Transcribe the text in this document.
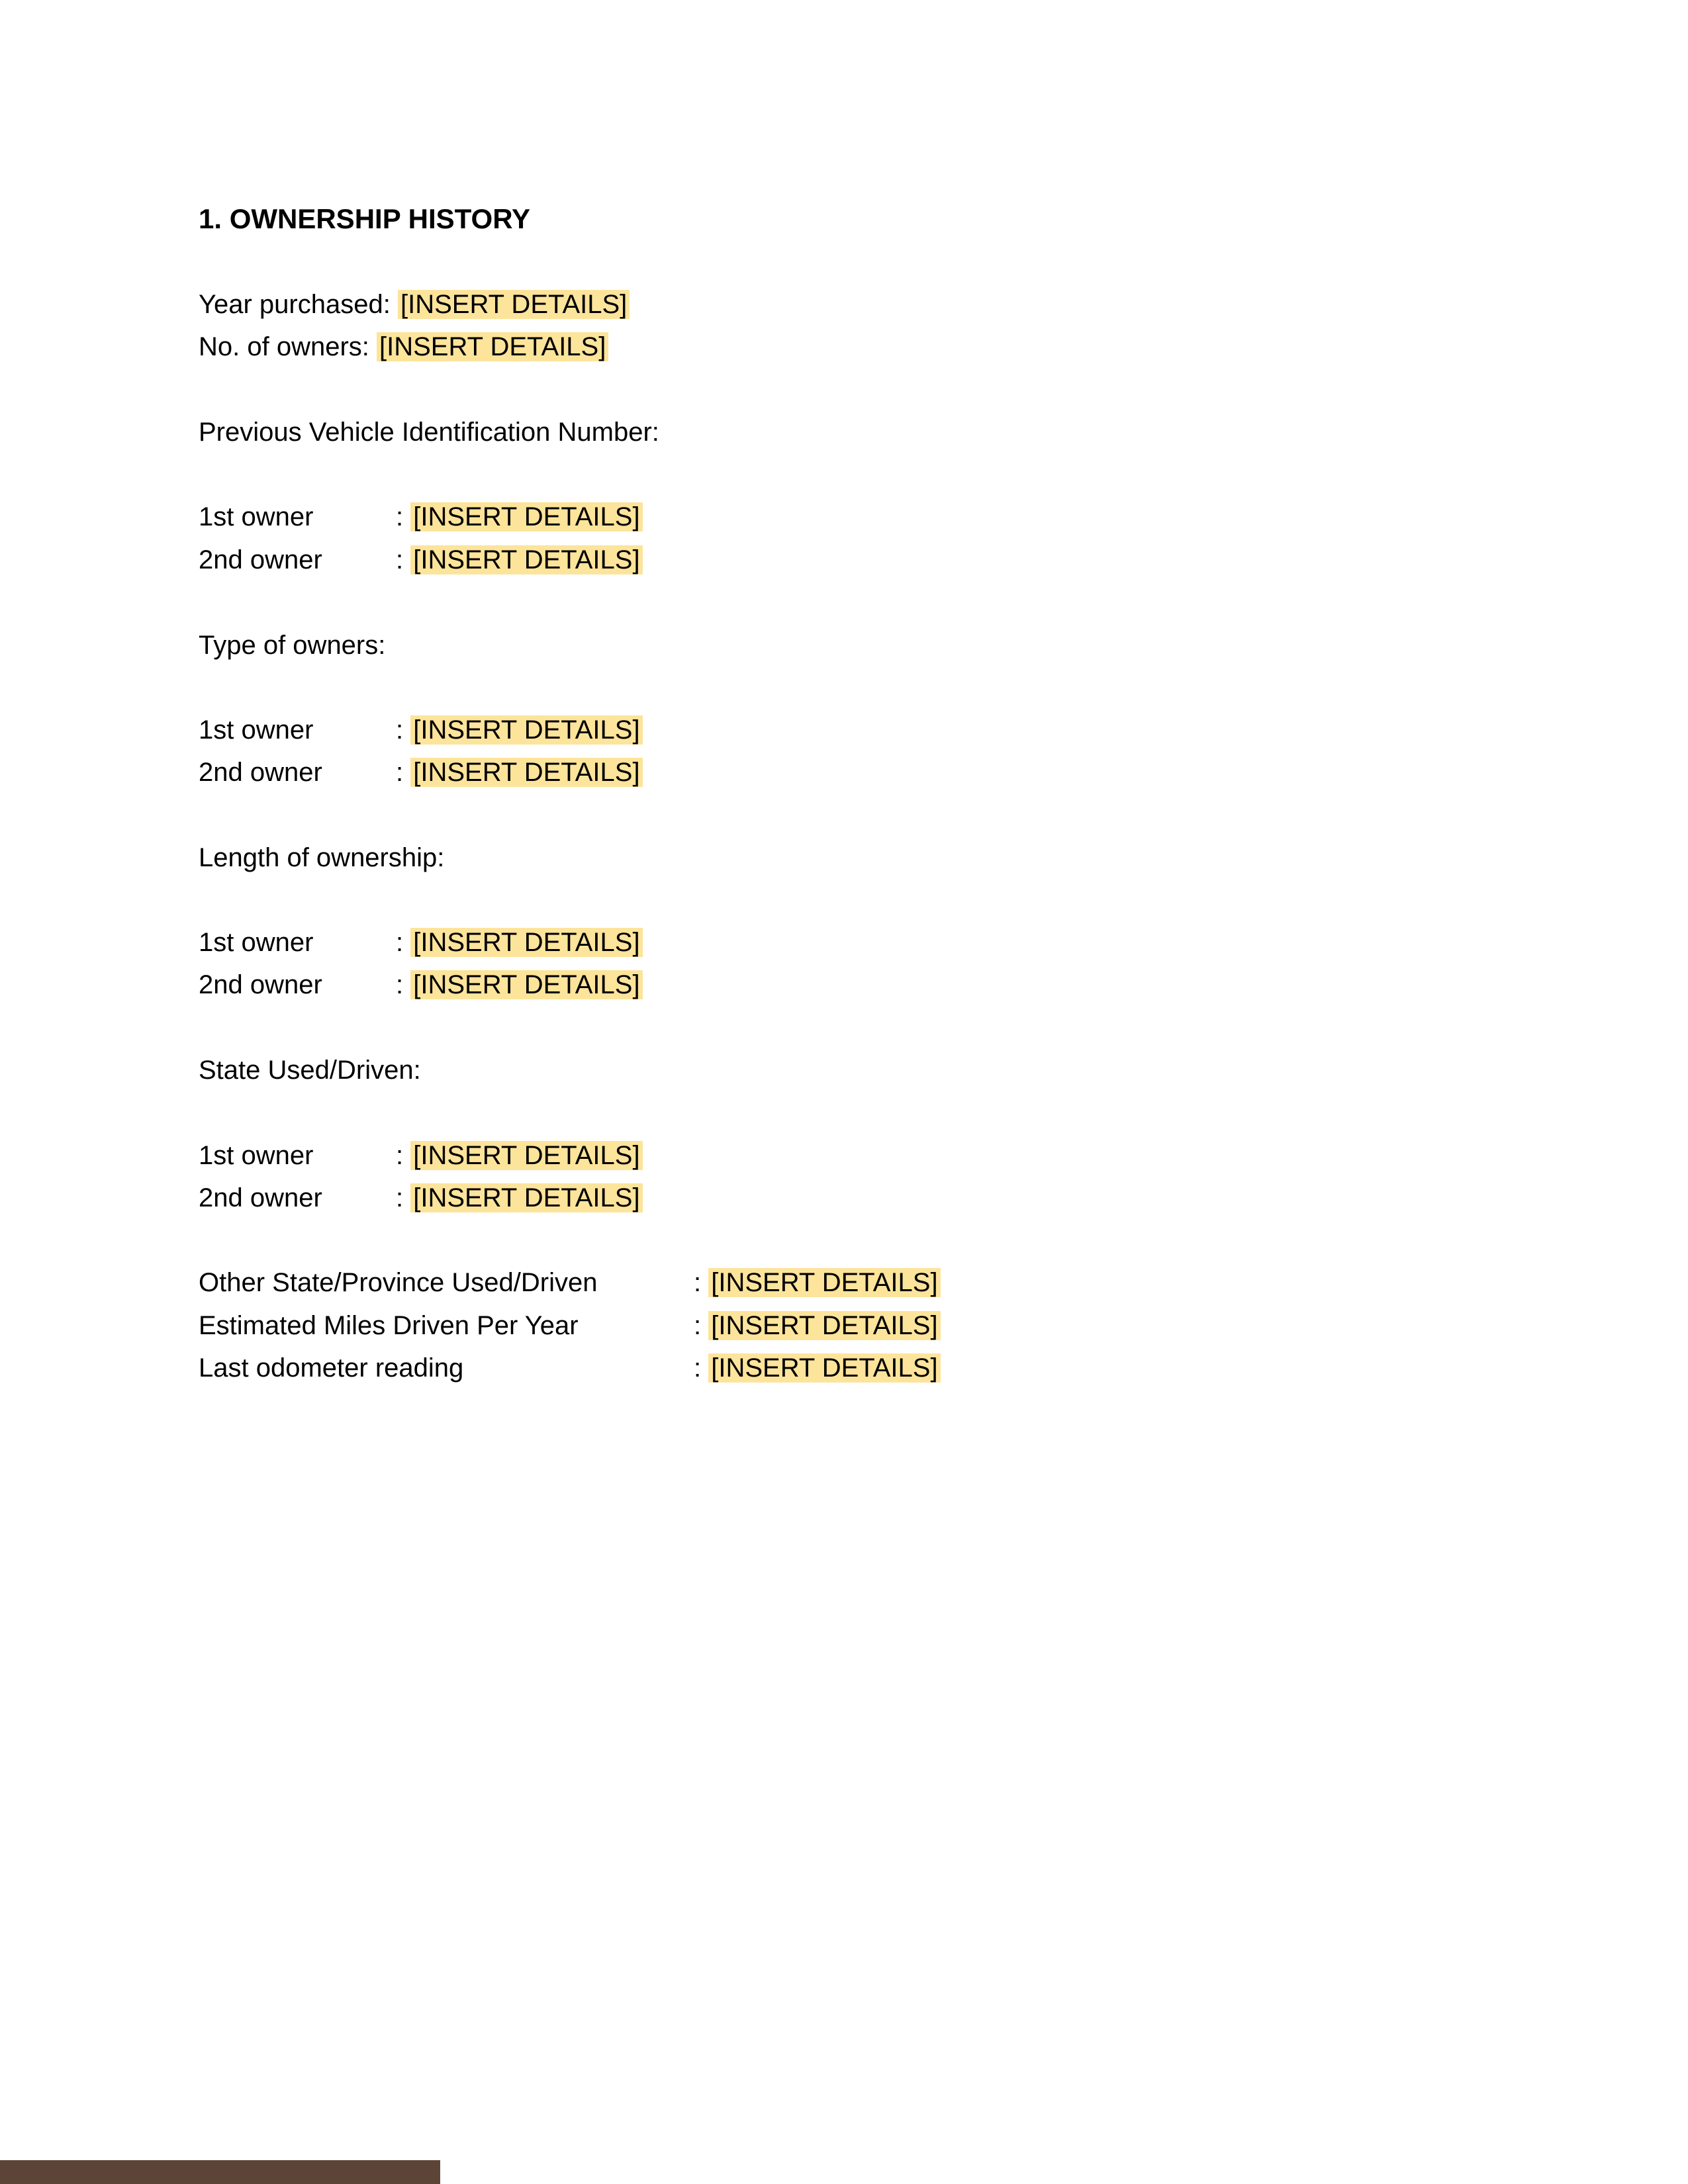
1. OWNERSHIP HISTORY
Year purchased: [INSERT DETAILS]
No. of owners: [INSERT DETAILS]
Previous Vehicle Identification Number:
1st owner	: [INSERT DETAILS]
2nd owner	: [INSERT DETAILS]
Type of owners:
1st owner	: [INSERT DETAILS]
2nd owner	: [INSERT DETAILS]
Length of ownership:
1st owner	: [INSERT DETAILS]
2nd owner	: [INSERT DETAILS]
State Used/Driven:
1st owner	: [INSERT DETAILS]
2nd owner	: [INSERT DETAILS]
Other State/Province Used/Driven	: [INSERT DETAILS]
Estimated Miles Driven Per Year	: [INSERT DETAILS]
Last odometer reading	: [INSERT DETAILS]
